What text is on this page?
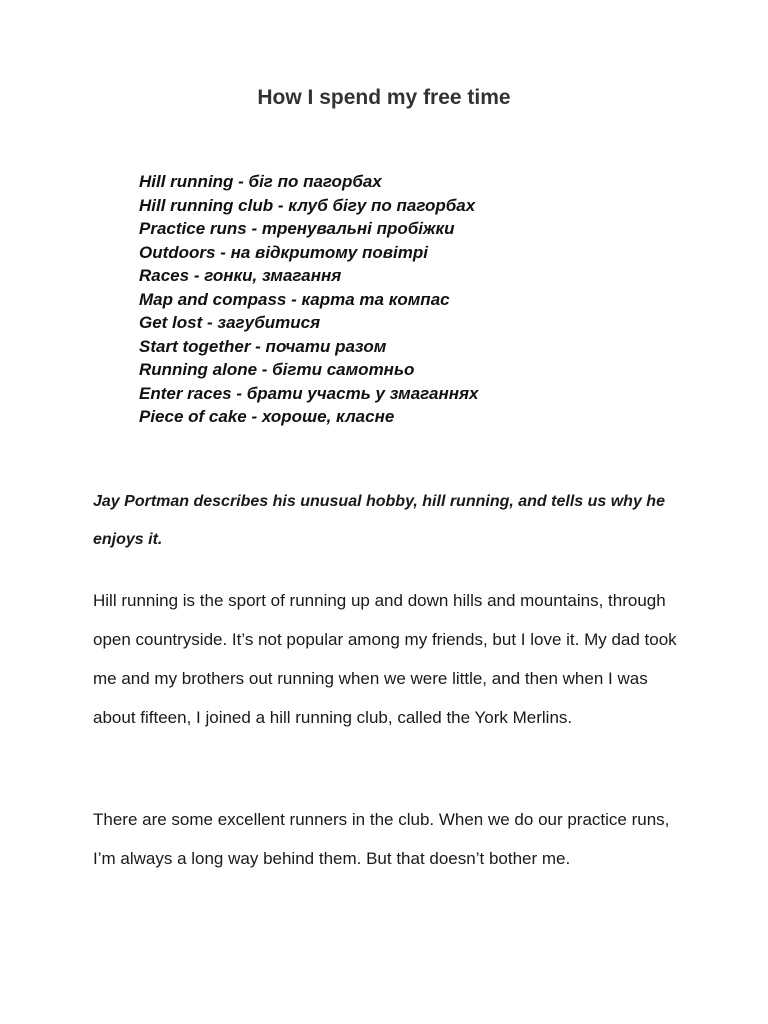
How I spend my free time
Hill running - біг по пагорбах
Hill running club - клуб бігу по пагорбах
Practice runs - тренувальні пробіжки
Outdoors - на відкритому повітрі
Races - гонки, змагання
Map and compass - карта та компас
Get lost - загубитися
Start together - почати разом
Running alone - бігти самотньо
Enter races - брати участь у змаганнях
Piece of cake - хороше, класне

Jay Portman describes his unusual hobby, hill running, and tells us why he enjoys it.

Hill running is the sport of running up and down hills and mountains, through open countryside. It’s not popular among my friends, but I love it. My dad took me and my brothers out running when we were little, and then when I was about fifteen, I joined a hill running club, called the York Merlins.

There are some excellent runners in the club. When we do our practice runs, I’m always a long way behind them. But that doesn’t bother me.
